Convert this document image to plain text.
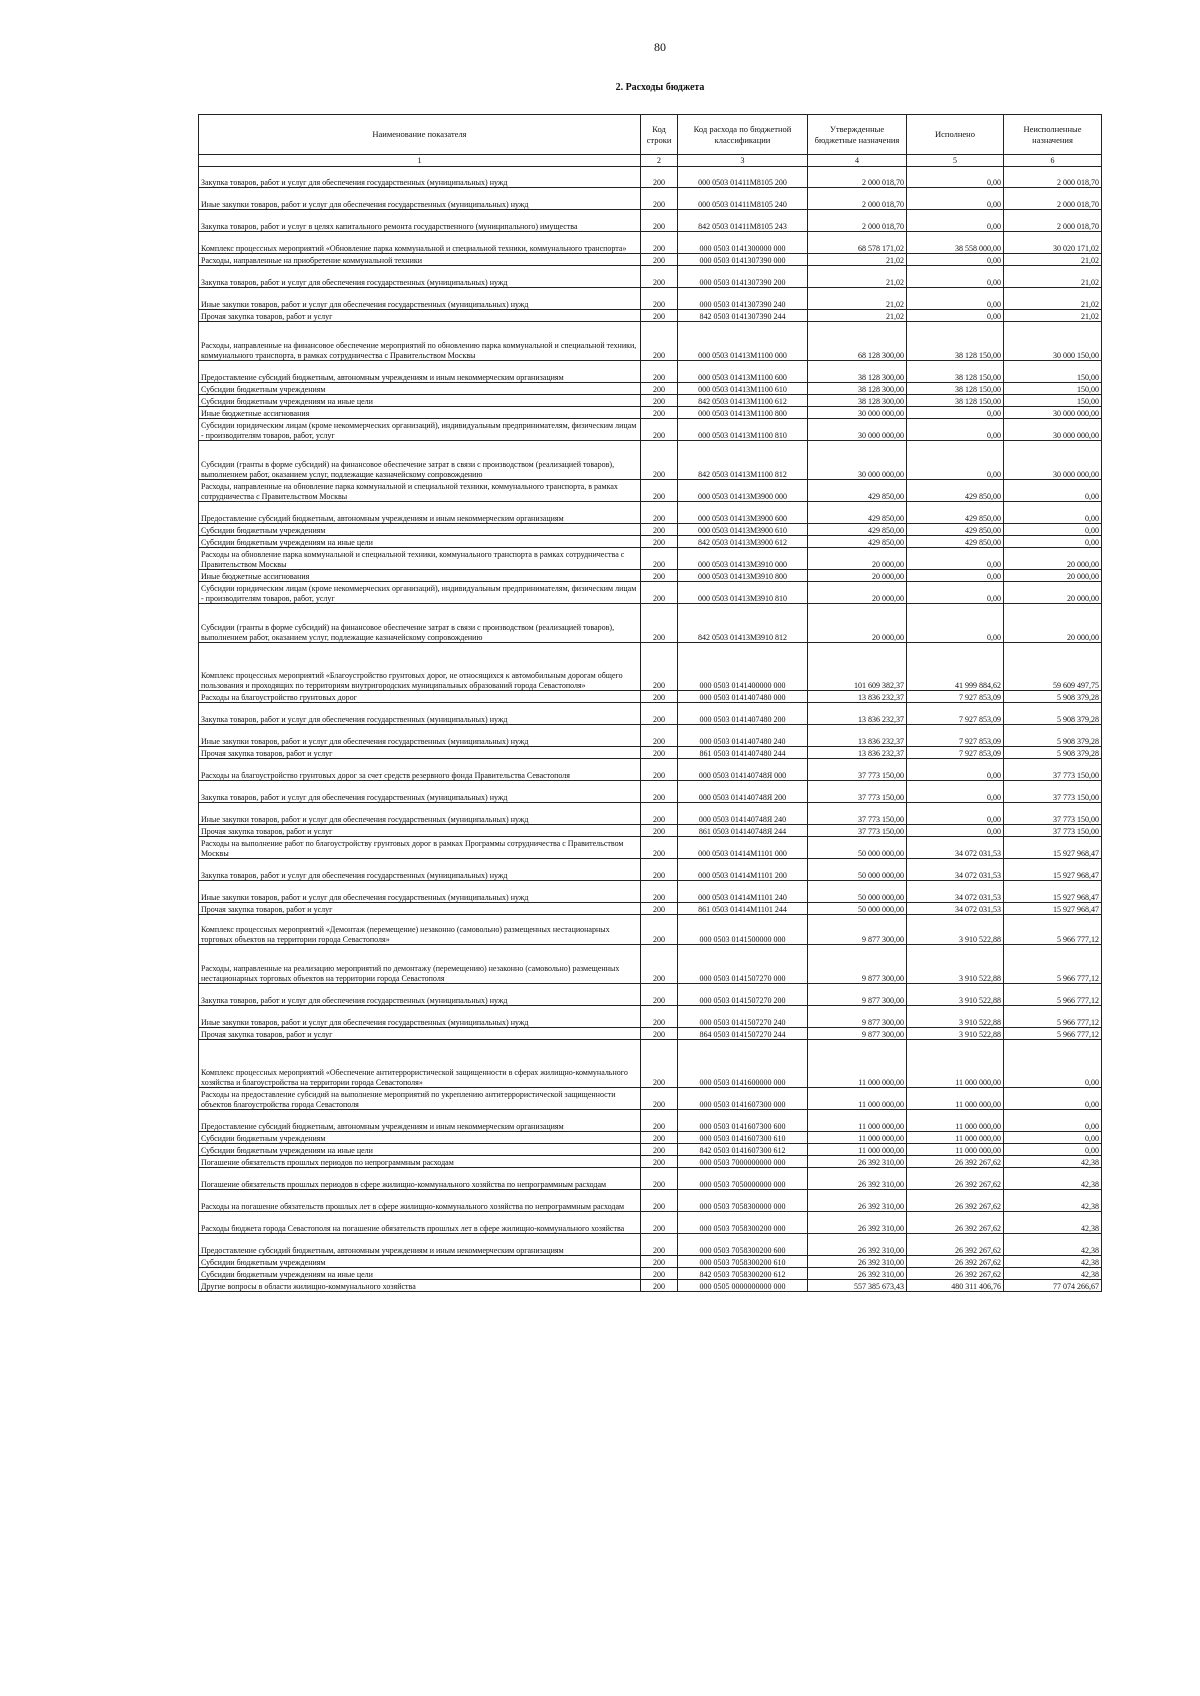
80
2. Расходы бюджета
Наименование показателя	Код строки	Код расхода по бюджетной классификации	Утвержденные бюджетные назначения	Исполнено	Неисполненные назначения
1	2	3	4	5	6
Закупка товаров, работ и услуг для обеспечения государственных (муниципальных) нужд	200	000 0503 01411М8105 200	2 000 018,70	0,00	2 000 018,70
Иные закупки товаров, работ и услуг для обеспечения государственных (муниципальных) нужд	200	000 0503 01411М8105 240	2 000 018,70	0,00	2 000 018,70
Закупка товаров, работ и услуг в целях капитального ремонта государственного (муниципального) имущества	200	842 0503 01411М8105 243	2 000 018,70	0,00	2 000 018,70
Комплекс процессных мероприятий «Обновление парка коммунальной и специальной техники, коммунального транспорта»	200	000 0503 0141300000 000	68 578 171,02	38 558 000,00	30 020 171,02
Расходы, направленные на приобретение коммунальной техники	200	000 0503 0141307390 000	21,02	0,00	21,02
Закупка товаров, работ и услуг для обеспечения государственных (муниципальных) нужд	200	000 0503 0141307390 200	21,02	0,00	21,02
Иные закупки товаров, работ и услуг для обеспечения государственных (муниципальных) нужд	200	000 0503 0141307390 240	21,02	0,00	21,02
Прочая закупка товаров, работ и услуг	200	842 0503 0141307390 244	21,02	0,00	21,02
Расходы, направленные на финансовое обеспечение мероприятий по обновлению парка коммунальной и специальной техники, коммунального транспорта, в рамках сотрудничества с Правительством Москвы	200	000 0503 01413М1100 000	68 128 300,00	38 128 150,00	30 000 150,00
Предоставление субсидий бюджетным, автономным учреждениям и иным некоммерческим организациям	200	000 0503 01413М1100 600	38 128 300,00	38 128 150,00	150,00
Субсидии бюджетным учреждениям	200	000 0503 01413М1100 610	38 128 300,00	38 128 150,00	150,00
Субсидии бюджетным учреждениям на иные цели	200	842 0503 01413М1100 612	38 128 300,00	38 128 150,00	150,00
Иные бюджетные ассигнования	200	000 0503 01413М1100 800	30 000 000,00	0,00	30 000 000,00
Субсидии юридическим лицам (кроме некоммерческих организаций), индивидуальным предпринимателям, физическим лицам - производителям товаров, работ, услуг	200	000 0503 01413М1100 810	30 000 000,00	0,00	30 000 000,00
Субсидии (гранты в форме субсидий) на финансовое обеспечение затрат в связи с производством (реализацией товаров), выполнением работ, оказанием услуг, подлежащие казначейскому сопровождению	200	842 0503 01413М1100 812	30 000 000,00	0,00	30 000 000,00
Расходы, направленные на обновление парка коммунальной и специальной техники, коммунального транспорта, в рамках сотрудничества с Правительством Москвы	200	000 0503 01413М3900 000	429 850,00	429 850,00	0,00
Предоставление субсидий бюджетным, автономным учреждениям и иным некоммерческим организациям	200	000 0503 01413М3900 600	429 850,00	429 850,00	0,00
Субсидии бюджетным учреждениям	200	000 0503 01413М3900 610	429 850,00	429 850,00	0,00
Субсидии бюджетным учреждениям на иные цели	200	842 0503 01413М3900 612	429 850,00	429 850,00	0,00
Расходы на обновление парка коммунальной и специальной техники, коммунального транспорта в рамках сотрудничества с Правительством Москвы	200	000 0503 01413М3910 000	20 000,00	0,00	20 000,00
Иные бюджетные ассигнования	200	000 0503 01413М3910 800	20 000,00	0,00	20 000,00
Субсидии юридическим лицам (кроме некоммерческих организаций), индивидуальным предпринимателям, физическим лицам - производителям товаров, работ, услуг	200	000 0503 01413М3910 810	20 000,00	0,00	20 000,00
Субсидии (гранты в форме субсидий) на финансовое обеспечение затрат в связи с производством (реализацией товаров), выполнением работ, оказанием услуг, подлежащие казначейскому сопровождению	200	842 0503 01413М3910 812	20 000,00	0,00	20 000,00
Комплекс процессных мероприятий «Благоустройство грунтовых дорог, не относящихся к автомобильным дорогам общего пользования и проходящих по территориям внутригородских муниципальных образований города Севастополя»	200	000 0503 0141400000 000	101 609 382,37	41 999 884,62	59 609 497,75
Расходы на благоустройство грунтовых дорог	200	000 0503 0141407480 000	13 836 232,37	7 927 853,09	5 908 379,28
Закупка товаров, работ и услуг для обеспечения государственных (муниципальных) нужд	200	000 0503 0141407480 200	13 836 232,37	7 927 853,09	5 908 379,28
Иные закупки товаров, работ и услуг для обеспечения государственных (муниципальных) нужд	200	000 0503 0141407480 240	13 836 232,37	7 927 853,09	5 908 379,28
Прочая закупка товаров, работ и услуг	200	861 0503 0141407480 244	13 836 232,37	7 927 853,09	5 908 379,28
Расходы на благоустройство грунтовых дорог за счет средств резервного фонда Правительства Севастополя	200	000 0503 014140748Я 000	37 773 150,00	0,00	37 773 150,00
Закупка товаров, работ и услуг для обеспечения государственных (муниципальных) нужд	200	000 0503 014140748Я 200	37 773 150,00	0,00	37 773 150,00
Иные закупки товаров, работ и услуг для обеспечения государственных (муниципальных) нужд	200	000 0503 014140748Я 240	37 773 150,00	0,00	37 773 150,00
Прочая закупка товаров, работ и услуг	200	861 0503 014140748Я 244	37 773 150,00	0,00	37 773 150,00
Расходы на выполнение работ по благоустройству грунтовых дорог в рамках Программы сотрудничества с Правительством Москвы	200	000 0503 01414М1101 000	50 000 000,00	34 072 031,53	15 927 968,47
Закупка товаров, работ и услуг для обеспечения государственных (муниципальных) нужд	200	000 0503 01414М1101 200	50 000 000,00	34 072 031,53	15 927 968,47
Иные закупки товаров, работ и услуг для обеспечения государственных (муниципальных) нужд	200	000 0503 01414М1101 240	50 000 000,00	34 072 031,53	15 927 968,47
Прочая закупка товаров, работ и услуг	200	861 0503 01414М1101 244	50 000 000,00	34 072 031,53	15 927 968,47
Комплекс процессных мероприятий «Демонтаж (перемещение) незаконно (самовольно) размещенных нестационарных торговых объектов на территории города Севастополя»	200	000 0503 0141500000 000	9 877 300,00	3 910 522,88	5 966 777,12
Расходы, направленные на реализацию мероприятий по демонтажу (перемещению) незаконно (самовольно) размещенных нестационарных торговых объектов на территории города Севастополя	200	000 0503 0141507270 000	9 877 300,00	3 910 522,88	5 966 777,12
Закупка товаров, работ и услуг для обеспечения государственных (муниципальных) нужд	200	000 0503 0141507270 200	9 877 300,00	3 910 522,88	5 966 777,12
Иные закупки товаров, работ и услуг для обеспечения государственных (муниципальных) нужд	200	000 0503 0141507270 240	9 877 300,00	3 910 522,88	5 966 777,12
Прочая закупка товаров, работ и услуг	200	864 0503 0141507270 244	9 877 300,00	3 910 522,88	5 966 777,12
Комплекс процессных мероприятий «Обеспечение антитеррористической защищенности в сферах жилищно-коммунального хозяйства и благоустройства на территории города Севастополя»	200	000 0503 0141600000 000	11 000 000,00	11 000 000,00	0,00
Расходы на предоставление субсидий на выполнение мероприятий по укреплению антитеррористической защищенности объектов благоустройства города Севастополя	200	000 0503 0141607300 000	11 000 000,00	11 000 000,00	0,00
Предоставление субсидий бюджетным, автономным учреждениям и иным некоммерческим организациям	200	000 0503 0141607300 600	11 000 000,00	11 000 000,00	0,00
Субсидии бюджетным учреждениям	200	000 0503 0141607300 610	11 000 000,00	11 000 000,00	0,00
Субсидии бюджетным учреждениям на иные цели	200	842 0503 0141607300 612	11 000 000,00	11 000 000,00	0,00
Погашение обязательств прошлых периодов по непрограммным расходам	200	000 0503 7000000000 000	26 392 310,00	26 392 267,62	42,38
Погашение обязательств прошлых периодов в сфере жилищно-коммунального хозяйства по непрограммным расходам	200	000 0503 7050000000 000	26 392 310,00	26 392 267,62	42,38
Расходы на погашение обязательств прошлых лет в сфере жилищно-коммунального хозяйства по непрограммным расходам	200	000 0503 7058300000 000	26 392 310,00	26 392 267,62	42,38
Расходы бюджета города Севастополя на погашение обязательств прошлых лет в сфере жилищно-коммунального хозяйства	200	000 0503 7058300200 000	26 392 310,00	26 392 267,62	42,38
Предоставление субсидий бюджетным, автономным учреждениям и иным некоммерческим организациям	200	000 0503 7058300200 600	26 392 310,00	26 392 267,62	42,38
Субсидии бюджетным учреждениям	200	000 0503 7058300200 610	26 392 310,00	26 392 267,62	42,38
Субсидии бюджетным учреждениям на иные цели	200	842 0503 7058300200 612	26 392 310,00	26 392 267,62	42,38
Другие вопросы в области жилищно-коммунального хозяйства	200	000 0505 0000000000 000	557 385 673,43	480 311 406,76	77 074 266,67
